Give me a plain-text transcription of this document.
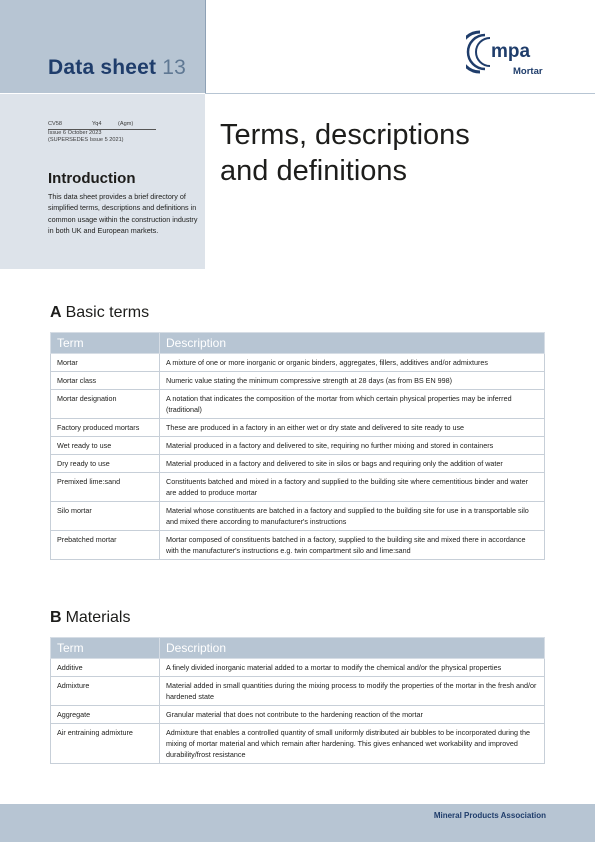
Data sheet 13
CV58	Yq4	(Agm)
Issue 6 October 2023
(SUPERSEDES Issue 5 2021)
Introduction
This data sheet provides a brief directory of simplified terms, descriptions and definitions in common usage within the construction industry in both UK and European markets.
mpa
Mortar
Terms, descriptions
and definitions
A Basic terms
Term	Description
Mortar	A mixture of one or more inorganic or organic binders, aggregates, fillers, additives and/or admixtures
Mortar class	Numeric value stating the minimum compressive strength at 28 days (as from BS EN 998)
Mortar designation	A notation that indicates the composition of the mortar from which certain physical properties may be inferred (traditional)
Factory produced mortars	These are produced in a factory in an either wet or dry state and delivered to site ready to use
Wet ready to use	Material produced in a factory and delivered to site, requiring no further mixing and stored in containers
Dry ready to use	Material produced in a factory and delivered to site in silos or bags and requiring only the addition of water
Premixed lime:sand	Constituents batched and mixed in a factory and supplied to the building site where cementitious binder and water are added to produce mortar
Silo mortar	Material whose constituents are batched in a factory and supplied to the building site for use in a transportable silo and mixed there according to manufacturer's instructions
Prebatched mortar	Mortar composed of constituents batched in a factory, supplied to the building site and mixed there in accordance with the manufacturer's instructions e.g. twin compartment silo and lime:sand
B Materials
Term	Description
Additive	A finely divided inorganic material added to a mortar to modify the chemical and/or the physical properties
Admixture	Material added in small quantities during the mixing process to modify the properties of the mortar in the fresh and/or hardened state
Aggregate	Granular material that does not contribute to the hardening reaction of the mortar
Air entraining admixture	Admixture that enables a controlled quantity of small uniformly distributed air bubbles to be incorporated during the mixing of mortar material and which remain after hardening. This gives enhanced wet workability and improved durability/frost resistance
Mineral Products Association
